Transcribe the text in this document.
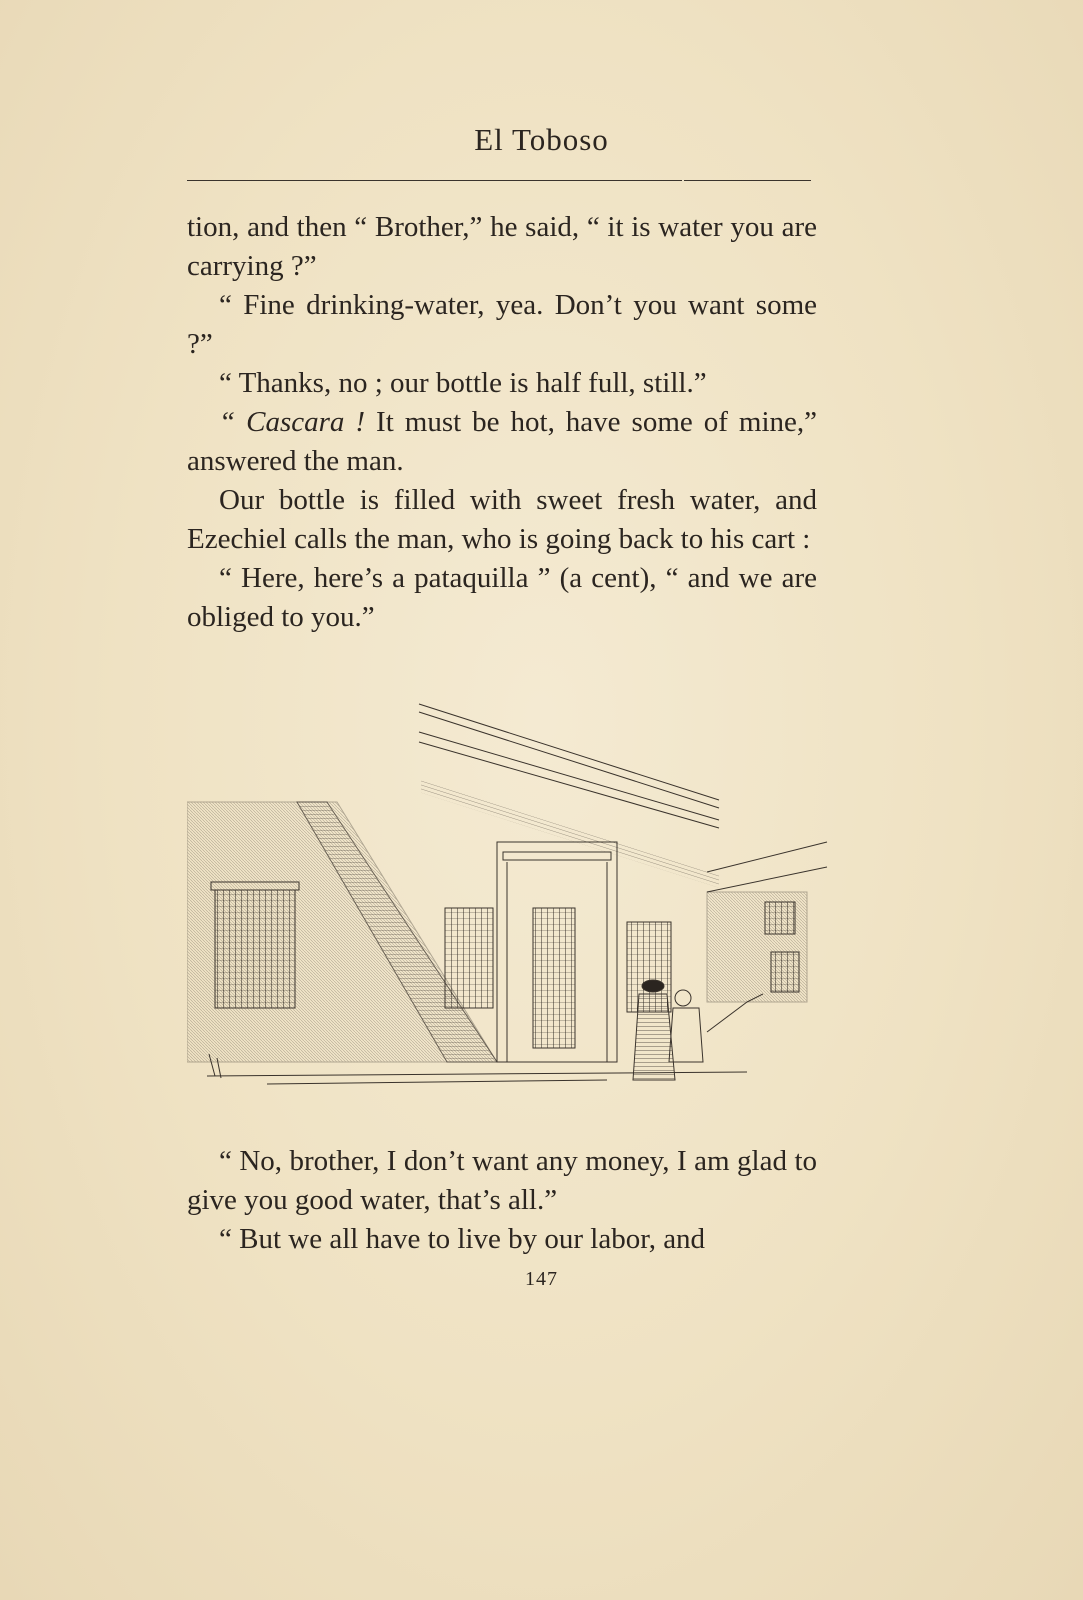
El Toboso

tion, and then “ Brother,” he said, “ it is water you are carrying ?”

“ Fine drinking-water, yea. Don’t you want some ?”

“ Thanks, no ; our bottle is half full, still.”

“ Cascara ! It must be hot, have some of mine,” answered the man.

Our bottle is filled with sweet fresh water, and Ezechiel calls the man, who is going back to his cart :

“ Here, here’s a pataquilla ” (a cent), “ and we are obliged to you.”

“ No, brother, I don’t want any money, I am glad to give you good water, that’s all.”

“ But we all have to live by our labor, and

147
